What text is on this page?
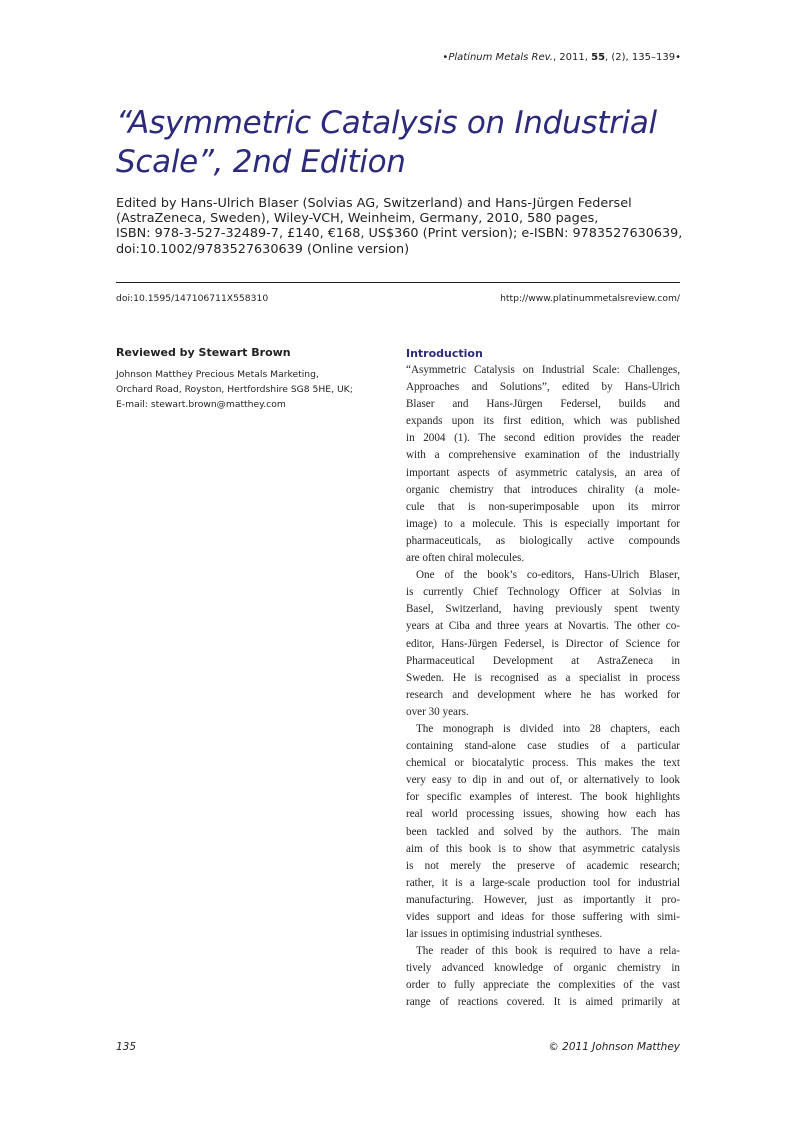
•Platinum Metals Rev., 2011, 55, (2), 135–139•
“Asymmetric Catalysis on Industrial
Scale”, 2nd Edition
Edited by Hans-Ulrich Blaser (Solvias AG, Switzerland) and Hans-Jürgen Federsel
(AstraZeneca, Sweden), Wiley-VCH, Weinheim, Germany, 2010, 580 pages,
ISBN: 978-3-527-32489-7, £140, €168, US$360 (Print version); e-ISBN: 9783527630639,
doi:10.1002/9783527630639 (Online version)
doi:10.1595/147106711X558310	http://www.platinummetalsreview.com/
Reviewed by Stewart Brown
Johnson Matthey Precious Metals Marketing,
Orchard Road, Royston, Hertfordshire SG8 5HE, UK;
E-mail: stewart.brown@matthey.com
Introduction
“Asymmetric Catalysis on Industrial Scale: Challenges,
Approaches and Solutions”, edited by Hans-Ulrich
Blaser and Hans-Jürgen Federsel, builds and
expands upon its first edition, which was published
in 2004 (1). The second edition provides the reader
with a comprehensive examination of the industrially
important aspects of asymmetric catalysis, an area of
organic chemistry that introduces chirality (a mole-
cule that is non-superimposable upon its mirror
image) to a molecule. This is especially important for
pharmaceuticals, as biologically active compounds
are often chiral molecules.
One of the book’s co-editors, Hans-Ulrich Blaser,
is currently Chief Technology Officer at Solvias in
Basel, Switzerland, having previously spent twenty
years at Ciba and three years at Novartis. The other co-
editor, Hans-Jürgen Federsel, is Director of Science for
Pharmaceutical Development at AstraZeneca in
Sweden. He is recognised as a specialist in process
research and development where he has worked for
over 30 years.
The monograph is divided into 28 chapters, each
containing stand-alone case studies of a particular
chemical or biocatalytic process. This makes the text
very easy to dip in and out of, or alternatively to look
for specific examples of interest. The book highlights
real world processing issues, showing how each has
been tackled and solved by the authors. The main
aim of this book is to show that asymmetric catalysis
is not merely the preserve of academic research;
rather, it is a large-scale production tool for industrial
manufacturing. However, just as importantly it pro-
vides support and ideas for those suffering with simi-
lar issues in optimising industrial syntheses.
The reader of this book is required to have a rela-
tively advanced knowledge of organic chemistry in
order to fully appreciate the complexities of the vast
range of reactions covered. It is aimed primarily at
135	© 2011 Johnson Matthey
